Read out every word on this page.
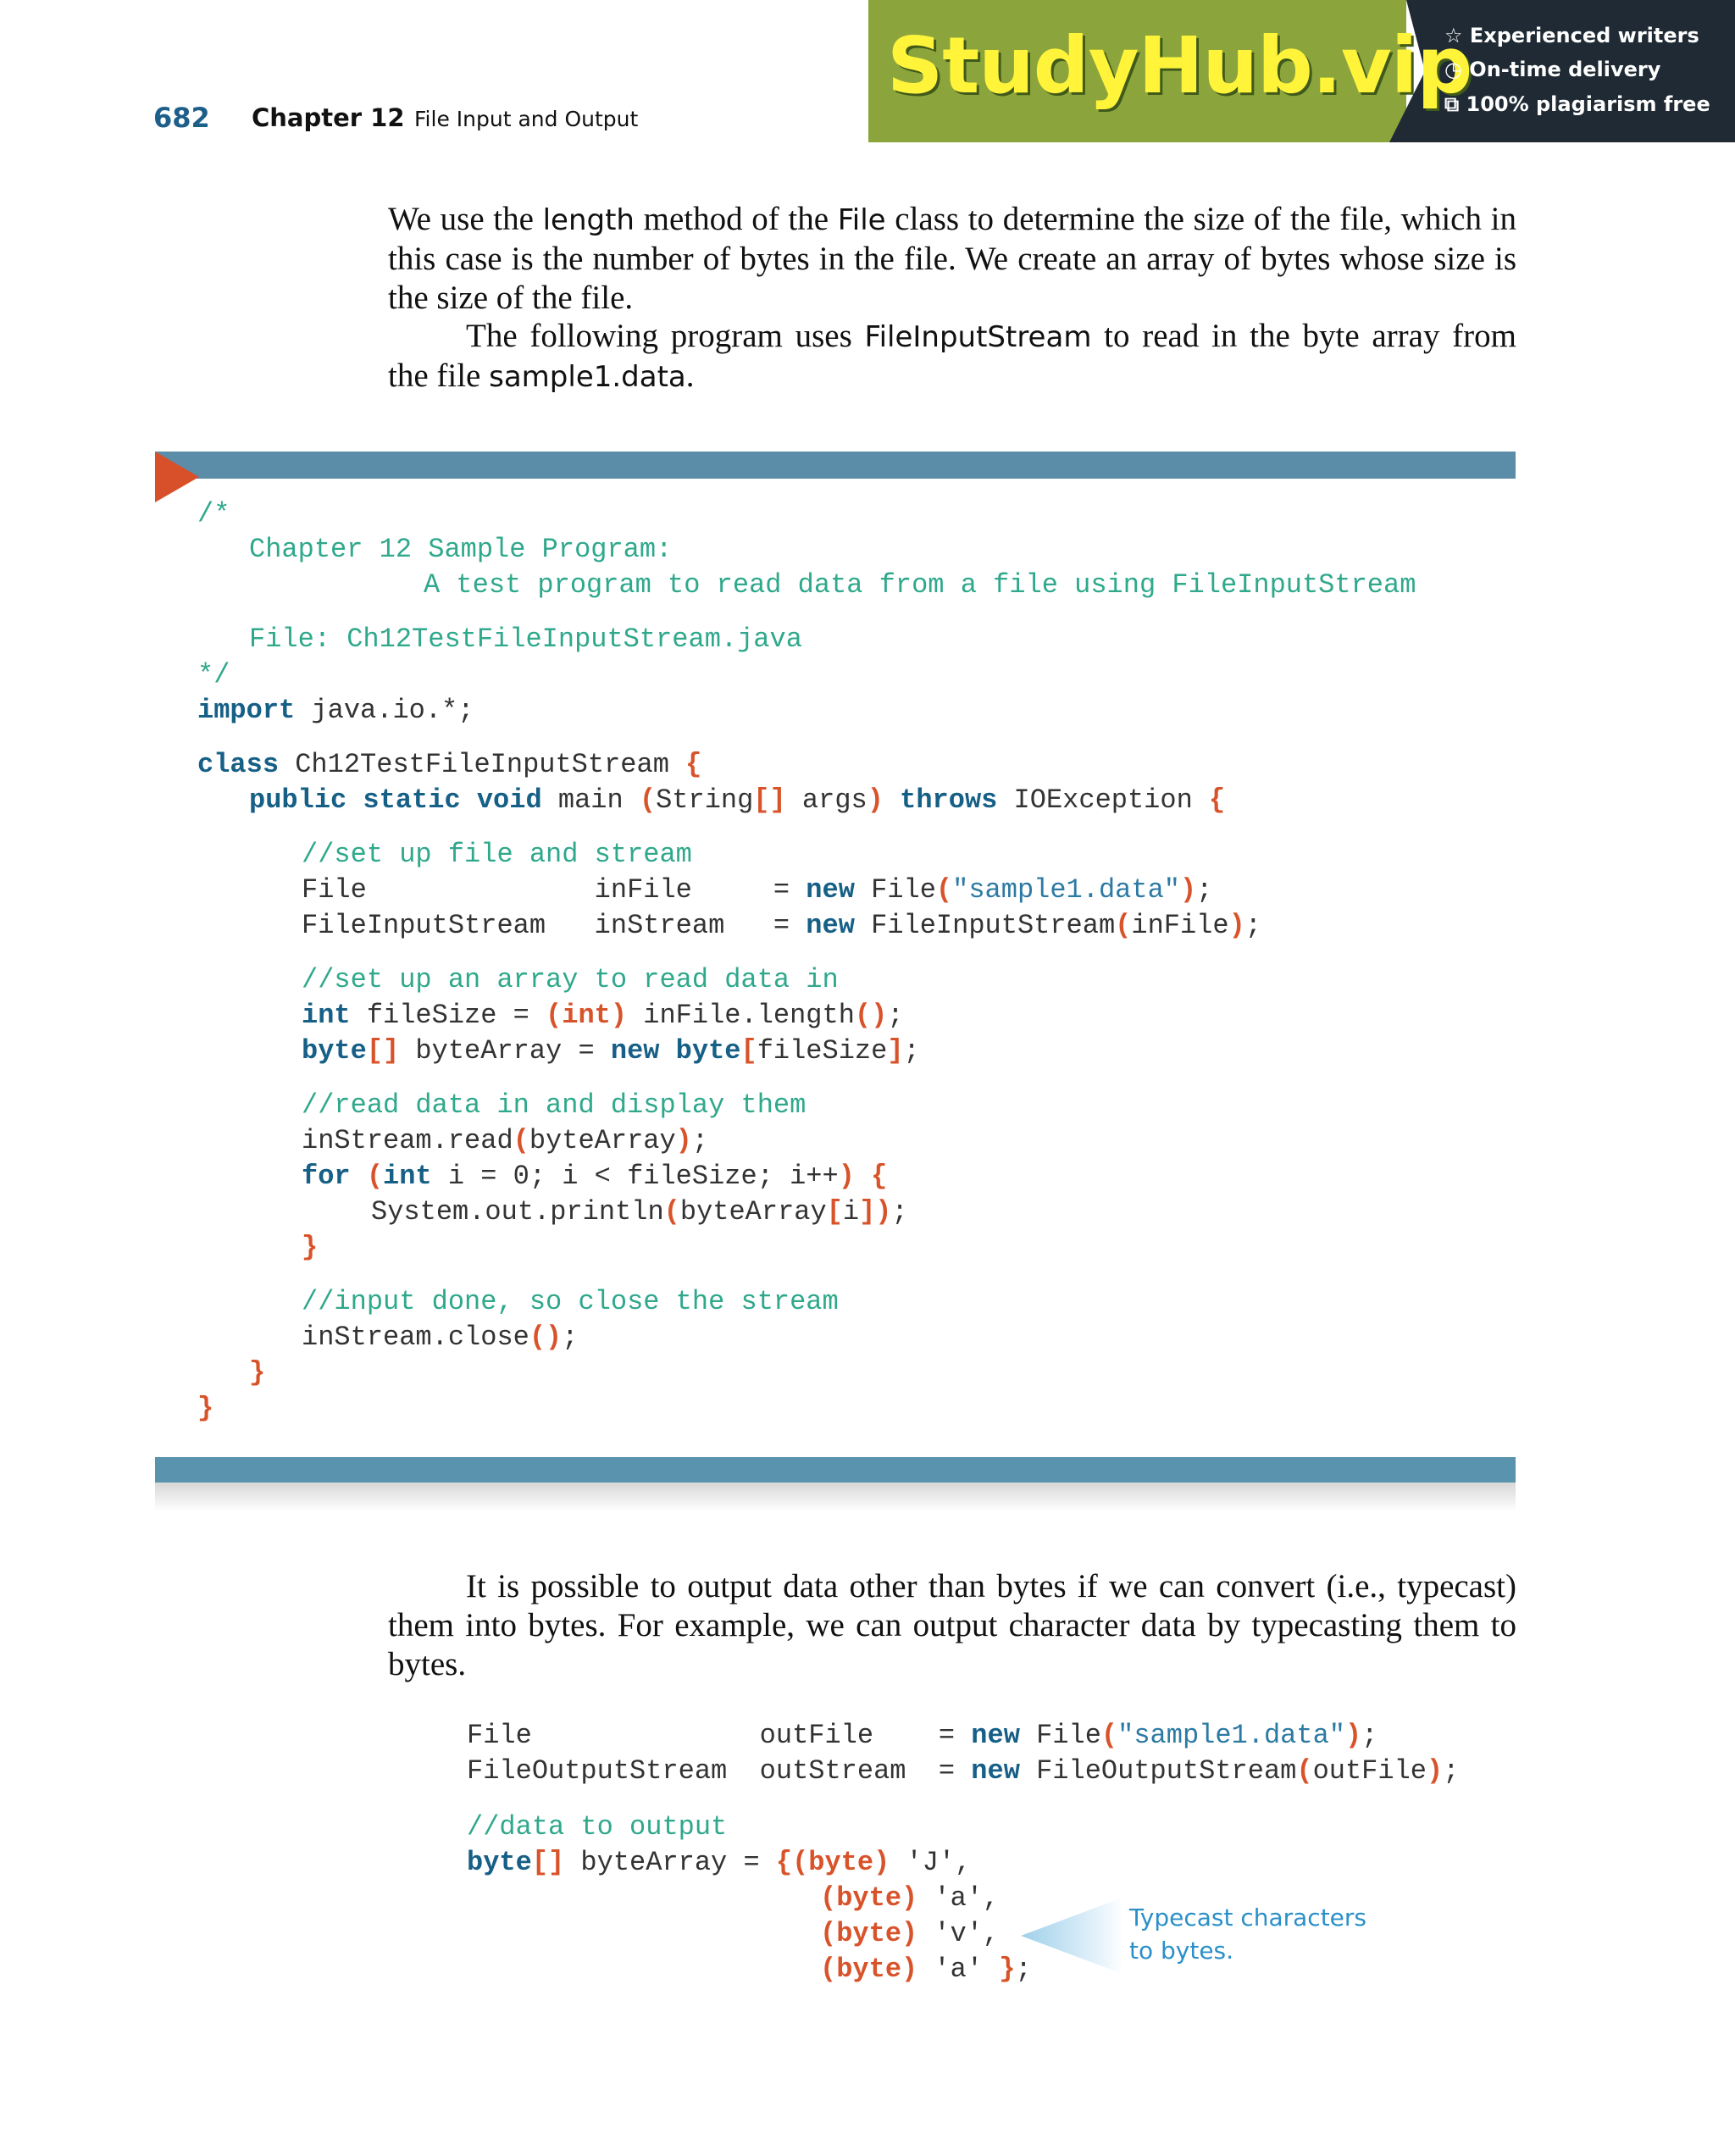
682 Chapter 12 File Input and Output
StudyHub.vip
☆ Experienced writers
◷ On-time delivery
⧉ 100% plagiarism free
We use the length method of the File class to determine the size of the file, which in this case is the number of bytes in the file. We create an array of bytes whose size is the size of the file.
The following program uses FileInputStream to read in the byte array from the file sample1.data.
/*
Chapter 12 Sample Program:
A test program to read data from a file using FileInputStream
File: Ch12TestFileInputStream.java
*/
import java.io.*;
class Ch12TestFileInputStream {
public static void main (String[] args) throws IOException {
//set up file and stream
File              inFile     = new File("sample1.data");
FileInputStream   inStream   = new FileInputStream(inFile);
//set up an array to read data in
int fileSize = (int) inFile.length();
byte[] byteArray = new byte[fileSize];
//read data in and display them
inStream.read(byteArray);
for (int i = 0; i < fileSize; i++) {
System.out.println(byteArray[i]);
}
//input done, so close the stream
inStream.close();
}
}
It is possible to output data other than bytes if we can convert (i.e., typecast) them into bytes. For example, we can output character data by typecasting them to bytes.
File              outFile    = new File("sample1.data");
FileOutputStream  outStream  = new FileOutputStream(outFile);
//data to output
byte[] byteArray = {(byte) 'J',
(byte) 'a',
(byte) 'v',
(byte) 'a' };
Typecast characters
to bytes.
